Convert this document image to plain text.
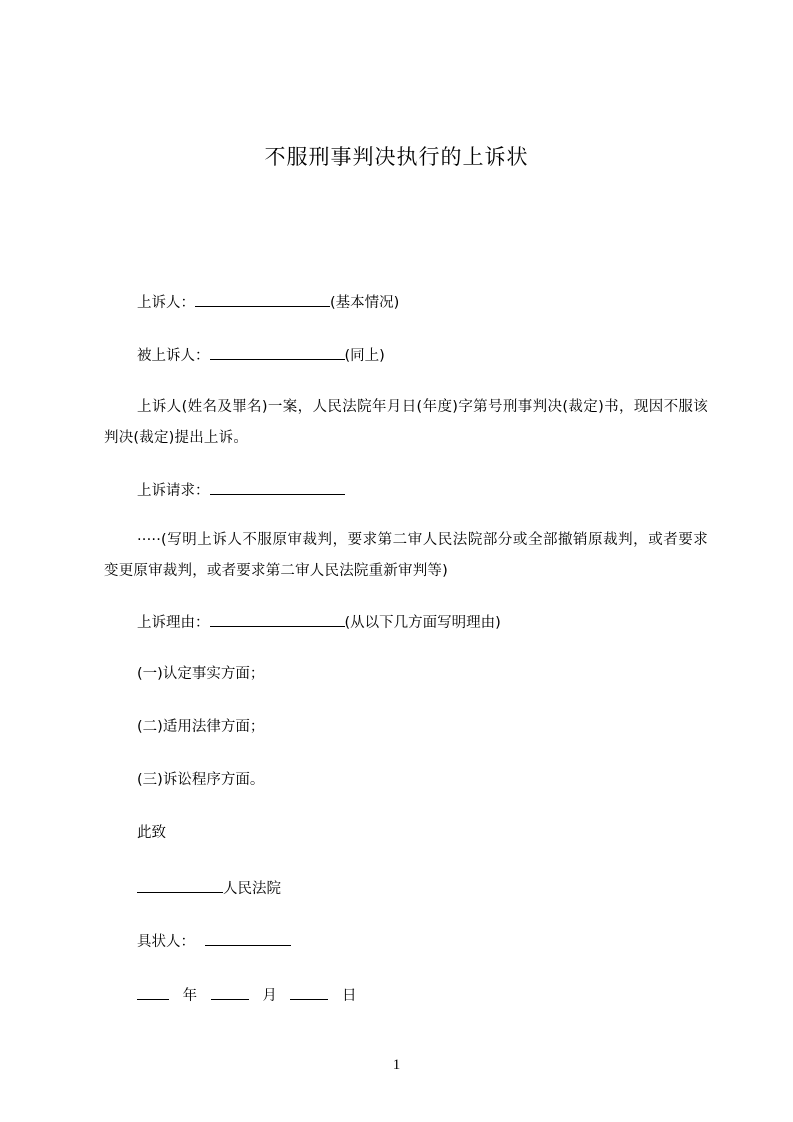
不服刑事判决执行的上诉状
上诉人：	(基本情况)
被上诉人：	(同上)
上诉人(姓名及罪名)一案，人民法院年月日(年度)字第号刑事判决(裁定)书，现因不服该判决(裁定)提出上诉。
上诉请求：
·····(写明上诉人不服原审裁判，要求第二审人民法院部分或全部撤销原裁判，或者要求变更原审裁判，或者要求第二审人民法院重新审判等)
上诉理由：	(从以下几方面写明理由)
(一)认定事实方面；
(二)适用法律方面；
(三)诉讼程序方面。
此致
人民法院
具状人：
年	月	日
1
